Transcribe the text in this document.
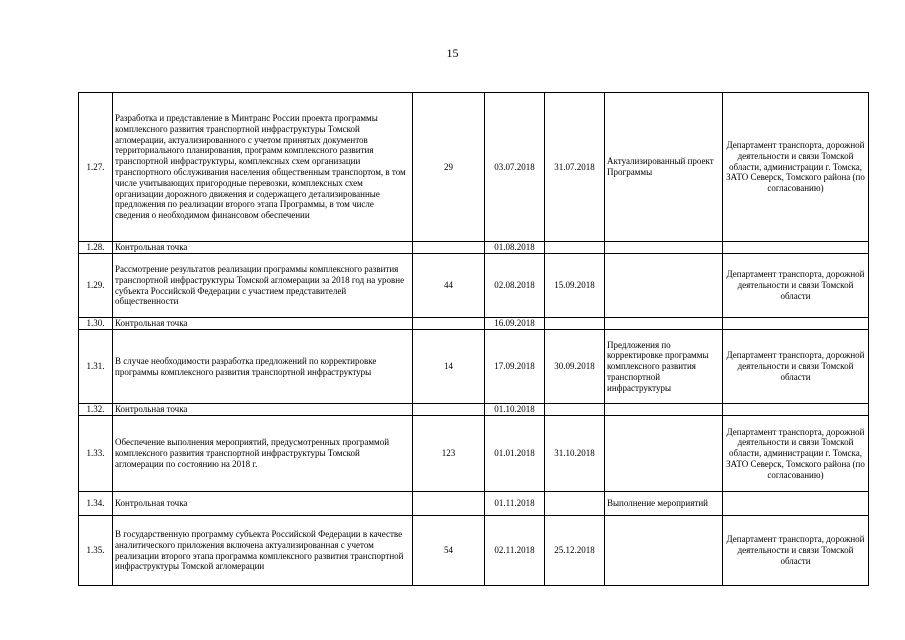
15
1.27.	Разработка и представление в Минтранс России проекта программы комплексного развития транспортной инфраструктуры Томской агломерации, актуализированного с учетом принятых документов территориального планирования, программ комплексного развития транспортной инфраструктуры, комплексных схем организации транспортного обслуживания населения общественным транспортом, в том числе учитывающих пригородные перевозки, комплексных схем организации дорожного движения и содержащего детализированные предложения по реализации второго этапа Программы, в том числе сведения о необходимом финансовом обеспечении	29	03.07.2018	31.07.2018	Актуализированный проект Программы	Департамент транспорта, дорожной деятельности и связи Томской области, администрации г. Томска, ЗАТО Северск, Томского района (по согласованию)
1.28.	Контрольная точка		01.08.2018			
1.29.	Рассмотрение результатов реализации программы комплексного развития транспортной инфраструктуры Томской агломерации за 2018 год на уровне субъекта Российской Федерации с участием представителей общественности	44	02.08.2018	15.09.2018		Департамент транспорта, дорожной деятельности и связи Томской области
1.30.	Контрольная точка		16.09.2018			
1.31.	В случае необходимости разработка предложений по корректировке программы комплексного развития транспортной инфраструктуры	14	17.09.2018	30.09.2018	Предложения по корректировке программы комплексного развития транспортной инфраструктуры	Департамент транспорта, дорожной деятельности и связи Томской области
1.32.	Контрольная точка		01.10.2018			
1.33.	Обеспечение выполнения мероприятий, предусмотренных программой комплексного развития транспортной инфраструктуры Томской агломерации по состоянию на 2018 г.	123	01.01.2018	31.10.2018		Департамент транспорта, дорожной деятельности и связи Томской области, администрации г. Томска, ЗАТО Северск, Томского района (по согласованию)
1.34.	Контрольная точка		01.11.2018		Выполнение мероприятий	
1.35.	В государственную программу субъекта Российской Федерации в качестве аналитического приложения включена актуализированная с учетом реализации второго этапа программа комплексного развития транспортной инфраструктуры Томской агломерации	54	02.11.2018	25.12.2018		Департамент транспорта, дорожной деятельности и связи Томской области
